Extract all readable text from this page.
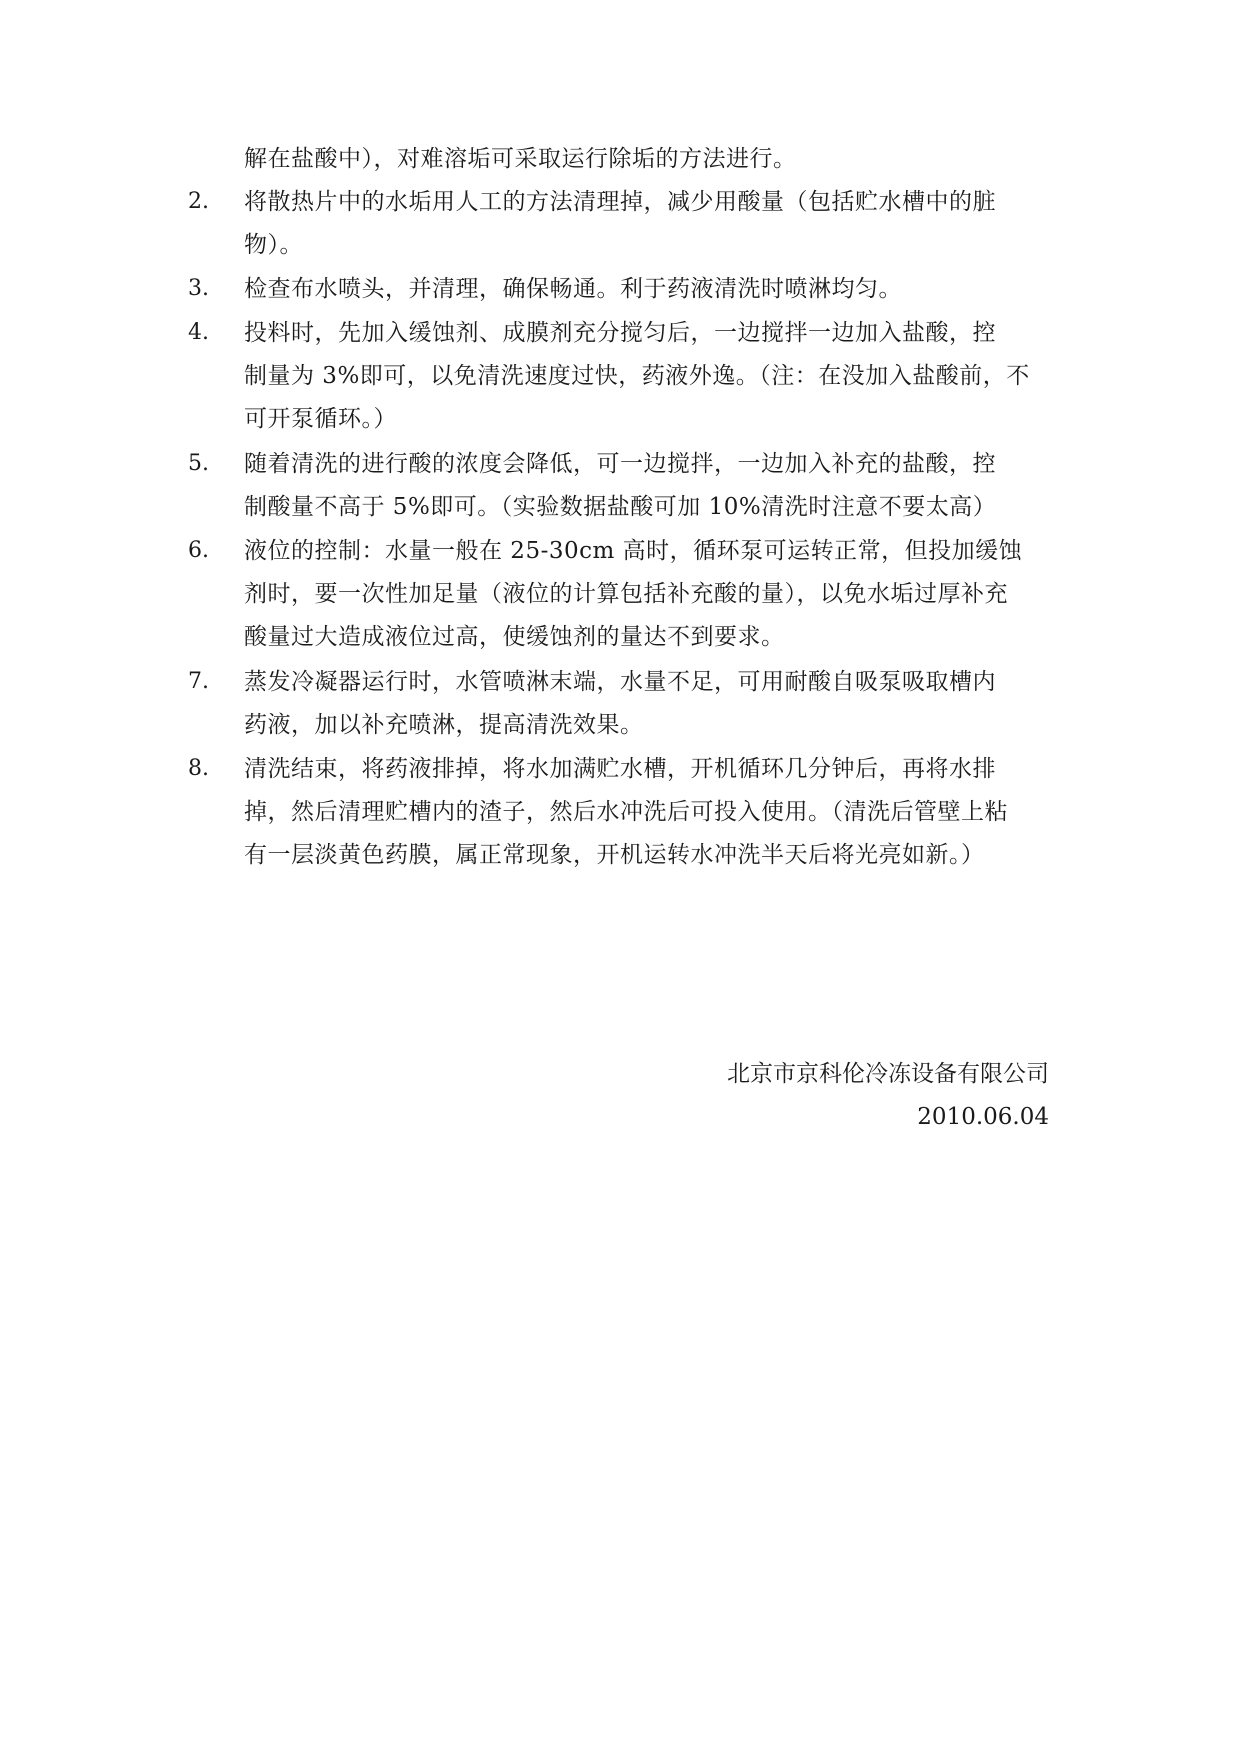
解在盐酸中），对难溶垢可采取运行除垢的方法进行。
2. 将散热片中的水垢用人工的方法清理掉，减少用酸量（包括贮水槽中的脏
物）。
3. 检查布水喷头，并清理，确保畅通。利于药液清洗时喷淋均匀。
4. 投料时，先加入缓蚀剂、成膜剂充分搅匀后，一边搅拌一边加入盐酸，控
制量为 3%即可，以免清洗速度过快，药液外逸。（注：在没加入盐酸前，不
可开泵循环。）
5. 随着清洗的进行酸的浓度会降低，可一边搅拌，一边加入补充的盐酸，控
制酸量不高于 5%即可。（实验数据盐酸可加 10%清洗时注意不要太高）
6. 液位的控制：水量一般在 25-30cm 高时，循环泵可运转正常，但投加缓蚀
剂时，要一次性加足量（液位的计算包括补充酸的量），以免水垢过厚补充
酸量过大造成液位过高，使缓蚀剂的量达不到要求。
7. 蒸发冷凝器运行时，水管喷淋末端，水量不足，可用耐酸自吸泵吸取槽内
药液，加以补充喷淋，提高清洗效果。
8. 清洗结束，将药液排掉，将水加满贮水槽，开机循环几分钟后，再将水排
掉，然后清理贮槽内的渣子，然后水冲洗后可投入使用。（清洗后管壁上粘
有一层淡黄色药膜，属正常现象，开机运转水冲洗半天后将光亮如新。）
北京市京科伦冷冻设备有限公司
2010.06.04
